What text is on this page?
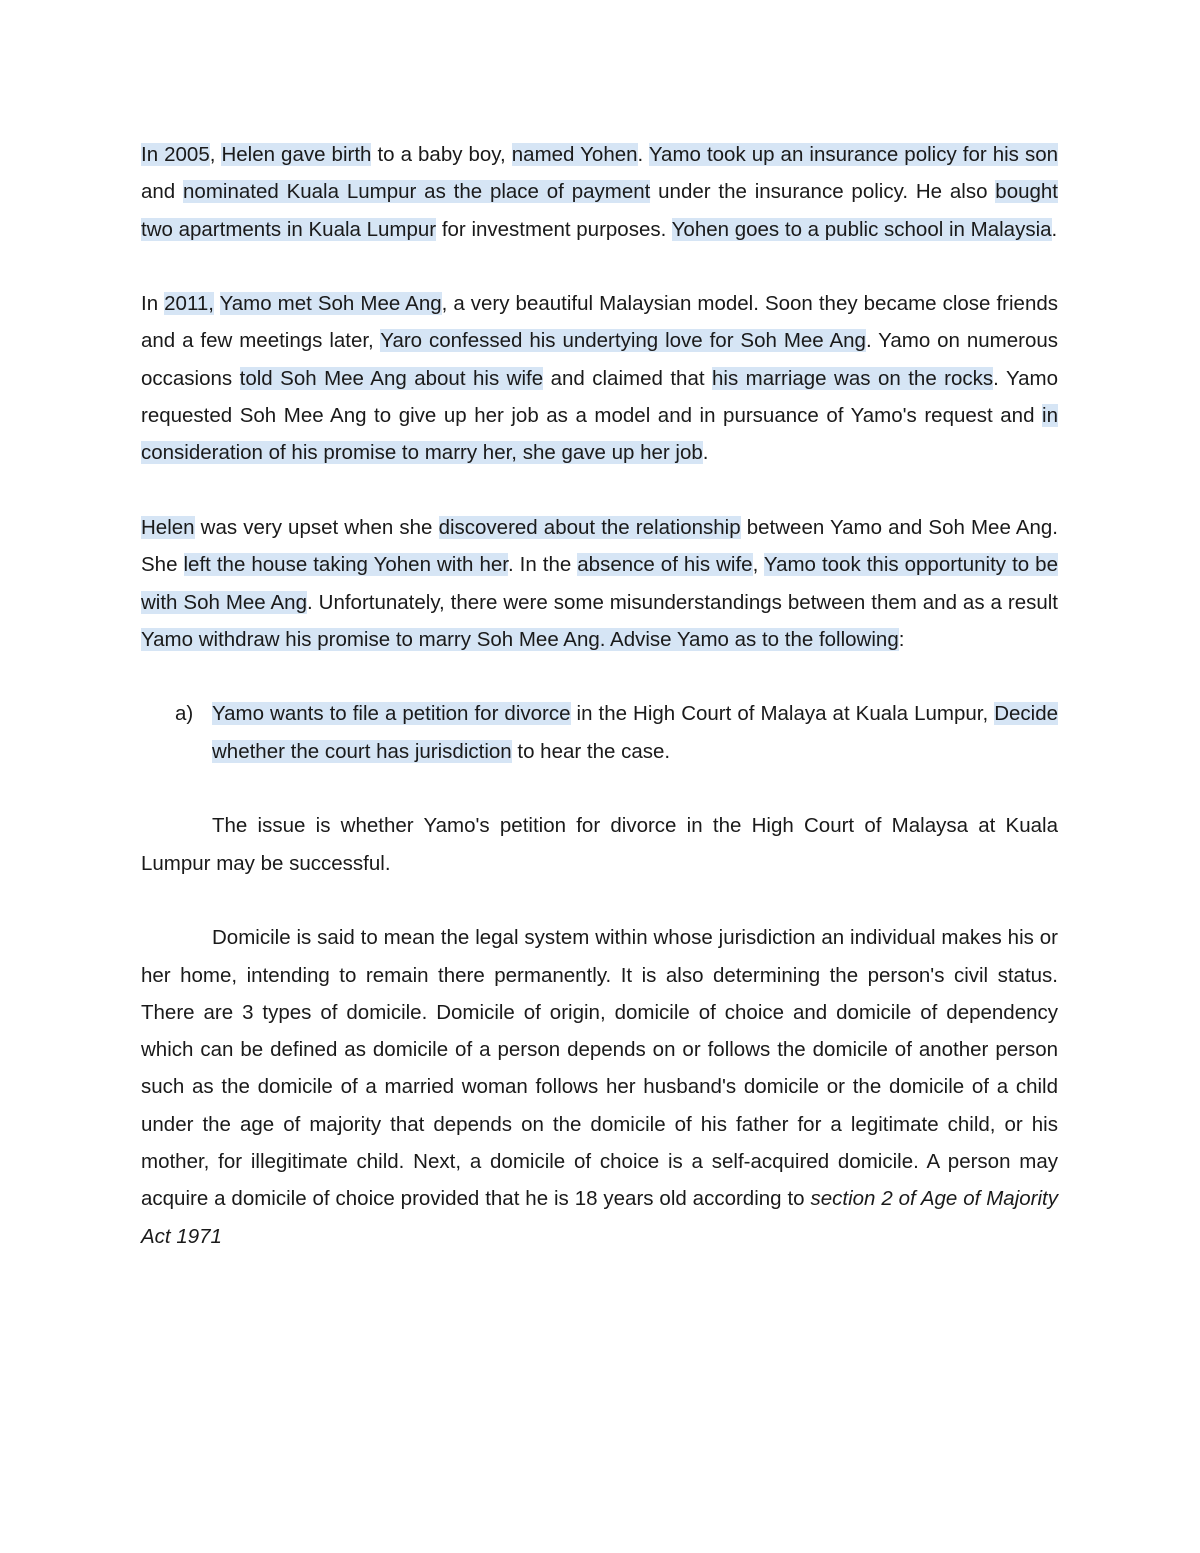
In 2005, Helen gave birth to a baby boy, named Yohen. Yamo took up an insurance policy for his son and nominated Kuala Lumpur as the place of payment under the insurance policy. He also bought two apartments in Kuala Lumpur for investment purposes. Yohen goes to a public school in Malaysia.

In 2011, Yamo met Soh Mee Ang, a very beautiful Malaysian model. Soon they became close friends and a few meetings later, Yaro confessed his undertying love for Soh Mee Ang. Yamo on numerous occasions told Soh Mee Ang about his wife and claimed that his marriage was on the rocks. Yamo requested Soh Mee Ang to give up her job as a model and in pursuance of Yamo's request and in consideration of his promise to marry her, she gave up her job.

Helen was very upset when she discovered about the relationship between Yamo and Soh Mee Ang. She left the house taking Yohen with her. In the absence of his wife, Yamo took this opportunity to be with Soh Mee Ang. Unfortunately, there were some misunderstandings between them and as a result Yamo withdraw his promise to marry Soh Mee Ang. Advise Yamo as to the following:

a) Yamo wants to file a petition for divorce in the High Court of Malaya at Kuala Lumpur, Decide whether the court has jurisdiction to hear the case.

The issue is whether Yamo's petition for divorce in the High Court of Malaysa at Kuala Lumpur may be successful.

Domicile is said to mean the legal system within whose jurisdiction an individual makes his or her home, intending to remain there permanently. It is also determining the person's civil status. There are 3 types of domicile. Domicile of origin, domicile of choice and domicile of dependency which can be defined as domicile of a person depends on or follows the domicile of another person such as the domicile of a married woman follows her husband's domicile or the domicile of a child under the age of majority that depends on the domicile of his father for a legitimate child, or his mother, for illegitimate child. Next, a domicile of choice is a self-acquired domicile. A person may acquire a domicile of choice provided that he is 18 years old according to section 2 of Age of Majority Act 1971
